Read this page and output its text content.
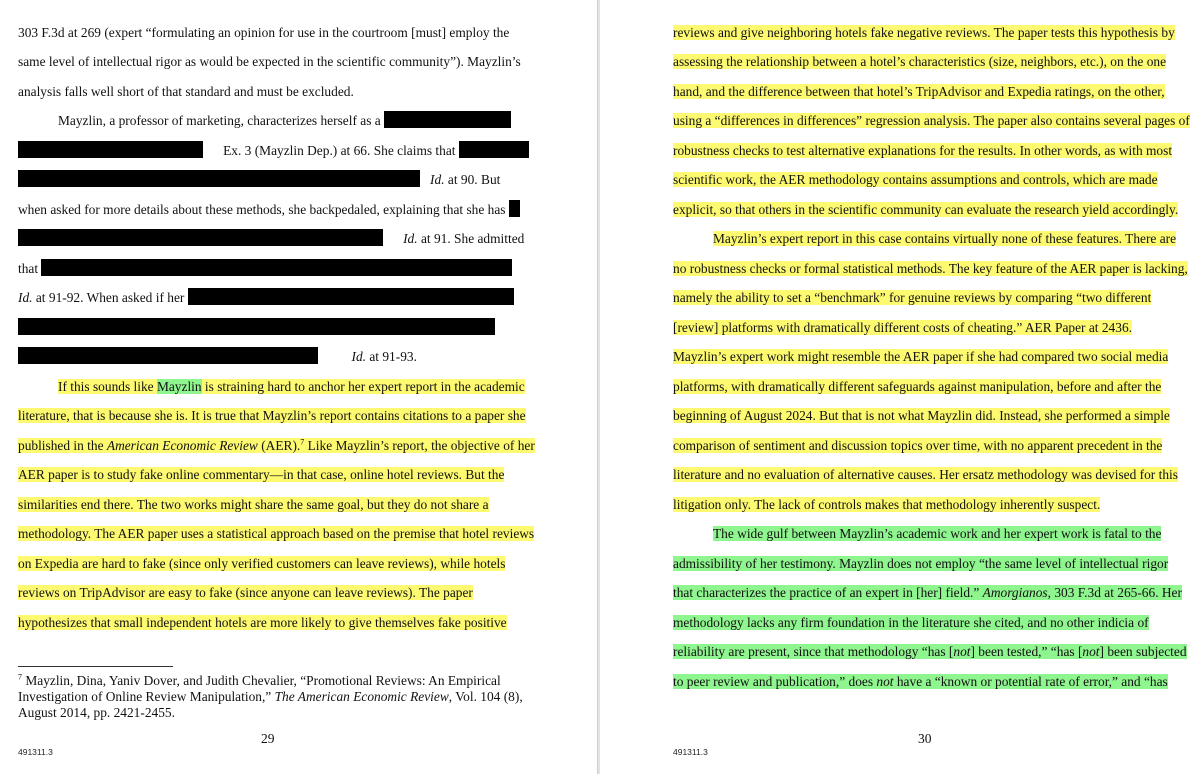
303 F.3d at 269 (expert “formulating an opinion for use in the courtroom [must] employ the
same level of intellectual rigor as would be expected in the scientific community”). Mayzlin’s
analysis falls well short of that standard and must be excluded.
Mayzlin, a professor of marketing, characterizes herself as a
Ex. 3 (Mayzlin Dep.) at 66. She claims that
Id. at 90. But
when asked for more details about these methods, she backpedaled, explaining that she has
Id. at 91. She admitted
that
Id. at 91-92. When asked if her
Id. at 91-93.
If this sounds like Mayzlin is straining hard to anchor her expert report in the academic
literature, that is because she is. It is true that Mayzlin’s report contains citations to a paper she
published in the American Economic Review (AER).$^7$ Like Mayzlin’s report, the objective of her
AER paper is to study fake online commentary—in that case, online hotel reviews. But the
similarities end there. The two works might share the same goal, but they do not share a
methodology. The AER paper uses a statistical approach based on the premise that hotel reviews
on Expedia are hard to fake (since only verified customers can leave reviews), while hotels
reviews on TripAdvisor are easy to fake (since anyone can leave reviews). The paper
hypothesizes that small independent hotels are more likely to give themselves fake positive
$^7$ Mayzlin, Dina, Yaniv Dover, and Judith Chevalier, “Promotional Reviews: An Empirical
Investigation of Online Review Manipulation,” The American Economic Review, Vol. 104 (8),
August 2014, pp. 2421-2455.
29
491311.3
reviews and give neighboring hotels fake negative reviews. The paper tests this hypothesis by
assessing the relationship between a hotel’s characteristics (size, neighbors, etc.), on the one
hand, and the difference between that hotel’s TripAdvisor and Expedia ratings, on the other,
using a “differences in differences” regression analysis. The paper also contains several pages of
robustness checks to test alternative explanations for the results. In other words, as with most
scientific work, the AER methodology contains assumptions and controls, which are made
explicit, so that others in the scientific community can evaluate the research yield accordingly.
Mayzlin’s expert report in this case contains virtually none of these features. There are
no robustness checks or formal statistical methods. The key feature of the AER paper is lacking,
namely the ability to set a “benchmark” for genuine reviews by comparing “two different
[review] platforms with dramatically different costs of cheating.” AER Paper at 2436.
Mayzlin’s expert work might resemble the AER paper if she had compared two social media
platforms, with dramatically different safeguards against manipulation, before and after the
beginning of August 2024. But that is not what Mayzlin did. Instead, she performed a simple
comparison of sentiment and discussion topics over time, with no apparent precedent in the
literature and no evaluation of alternative causes. Her ersatz methodology was devised for this
litigation only. The lack of controls makes that methodology inherently suspect.
The wide gulf between Mayzlin’s academic work and her expert work is fatal to the
admissibility of her testimony. Mayzlin does not employ “the same level of intellectual rigor
that characterizes the practice of an expert in [her] field.” Amorgianos, 303 F.3d at 265-66. Her
methodology lacks any firm foundation in the literature she cited, and no other indicia of
reliability are present, since that methodology “has [not] been tested,” “has [not] been subjected
to peer review and publication,” does not have a “known or potential rate of error,” and “has
30
491311.3
